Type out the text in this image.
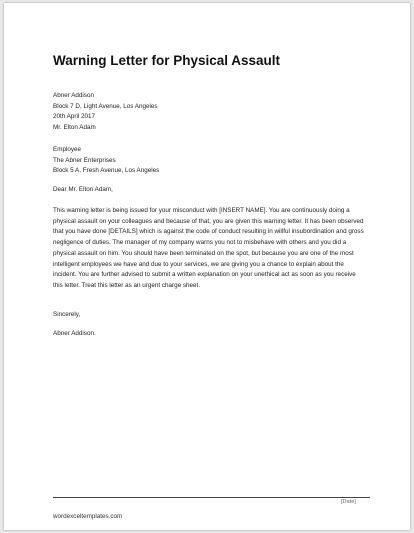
Warning Letter for Physical Assault
Abner Addison
Block 7 D, Light Avenue, Los Angeles
20th April 2017
Mr. Elton Adam
Employee
The Abner Enterprises
Block 5 A, Fresh Avenue, Los Angeles
Dear Mr. Elton Adam,

This warning letter is being issued for your misconduct with [INSERT NAME]. You are continuously doing a physical assault on your colleagues and because of that, you are given this warning letter. It has been observed that you have done [DETAILS] which is against the code of conduct resulting in willful insubordination and gross negligence of duties. The manager of my company warns you not to misbehave with others and you did a physical assault on him. You should have been terminated on the spot, but because you are one of the most intelligent employees we have and due to your services, we are giving you a chance to explain about the incident. You are further advised to submit a written explanation on your unethical act as soon as you receive this letter. Treat this letter as an urgent charge sheet.

Sincerely,
Abner Addison.
[Date]
wordexceltemplates.com
